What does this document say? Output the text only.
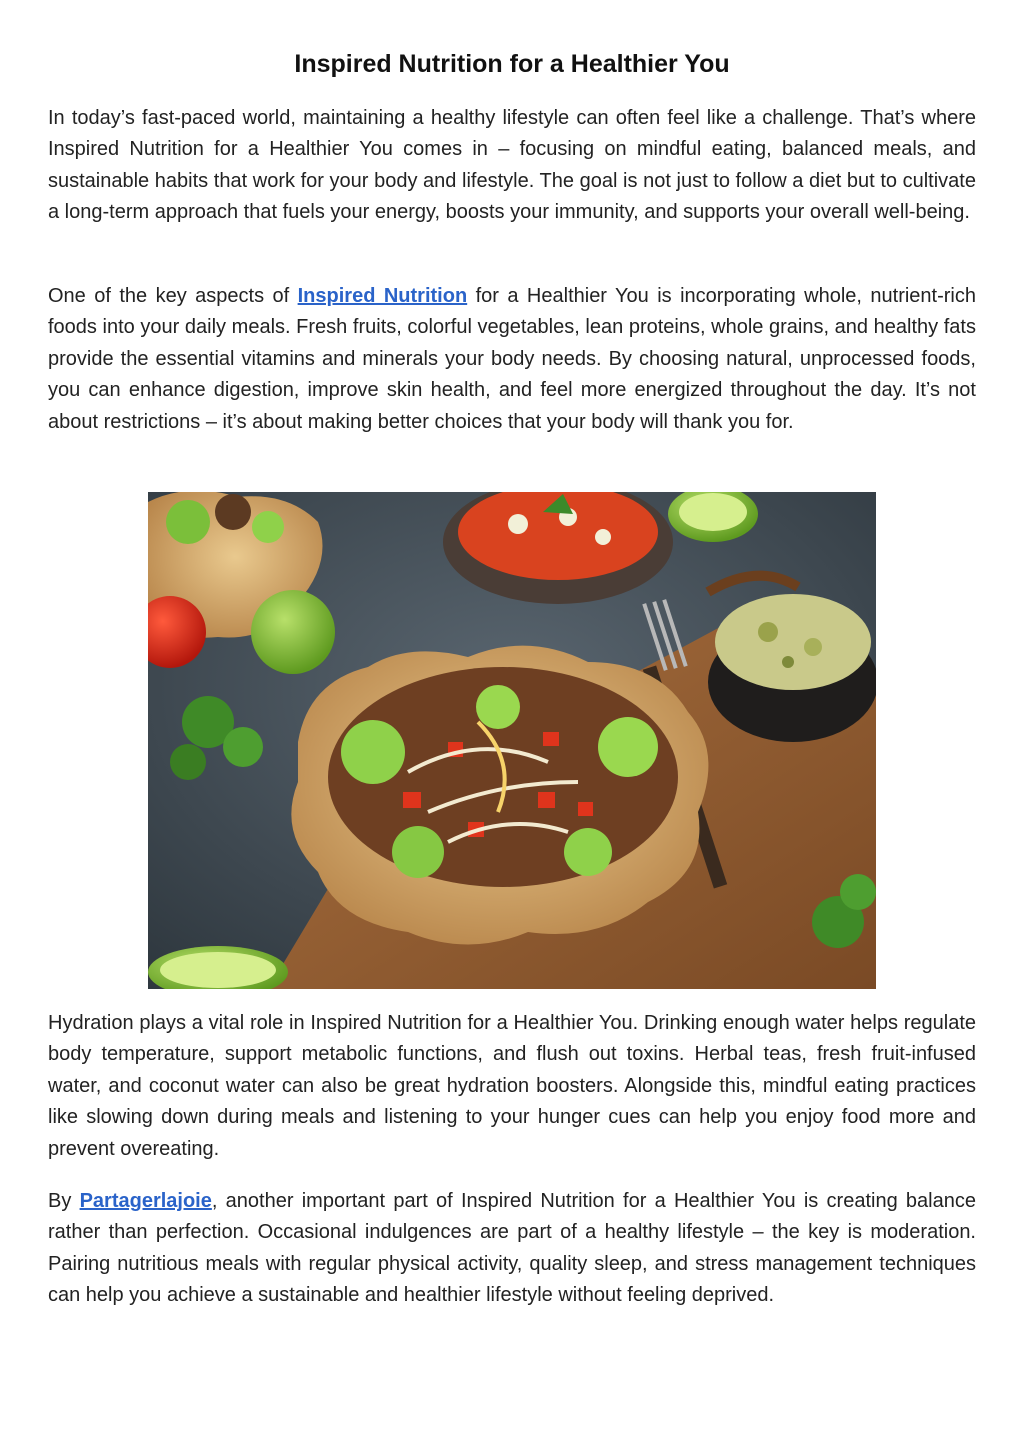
Inspired Nutrition for a Healthier You

In today’s fast-paced world, maintaining a healthy lifestyle can often feel like a challenge. That’s where Inspired Nutrition for a Healthier You comes in – focusing on mindful eating, balanced meals, and sustainable habits that work for your body and lifestyle. The goal is not just to follow a diet but to cultivate a long-term approach that fuels your energy, boosts your immunity, and supports your overall well-being.

One of the key aspects of Inspired Nutrition for a Healthier You is incorporating whole, nutrient-rich foods into your daily meals. Fresh fruits, colorful vegetables, lean proteins, whole grains, and healthy fats provide the essential vitamins and minerals your body needs. By choosing natural, unprocessed foods, you can enhance digestion, improve skin health, and feel more energized throughout the day. It’s not about restrictions – it’s about making better choices that your body will thank you for.

Hydration plays a vital role in Inspired Nutrition for a Healthier You. Drinking enough water helps regulate body temperature, support metabolic functions, and flush out toxins. Herbal teas, fresh fruit-infused water, and coconut water can also be great hydration boosters. Alongside this, mindful eating practices like slowing down during meals and listening to your hunger cues can help you enjoy food more and prevent overeating.

By Partagerlajoie, another important part of Inspired Nutrition for a Healthier You is creating balance rather than perfection. Occasional indulgences are part of a healthy lifestyle – the key is moderation. Pairing nutritious meals with regular physical activity, quality sleep, and stress management techniques can help you achieve a sustainable and healthier lifestyle without feeling deprived.
